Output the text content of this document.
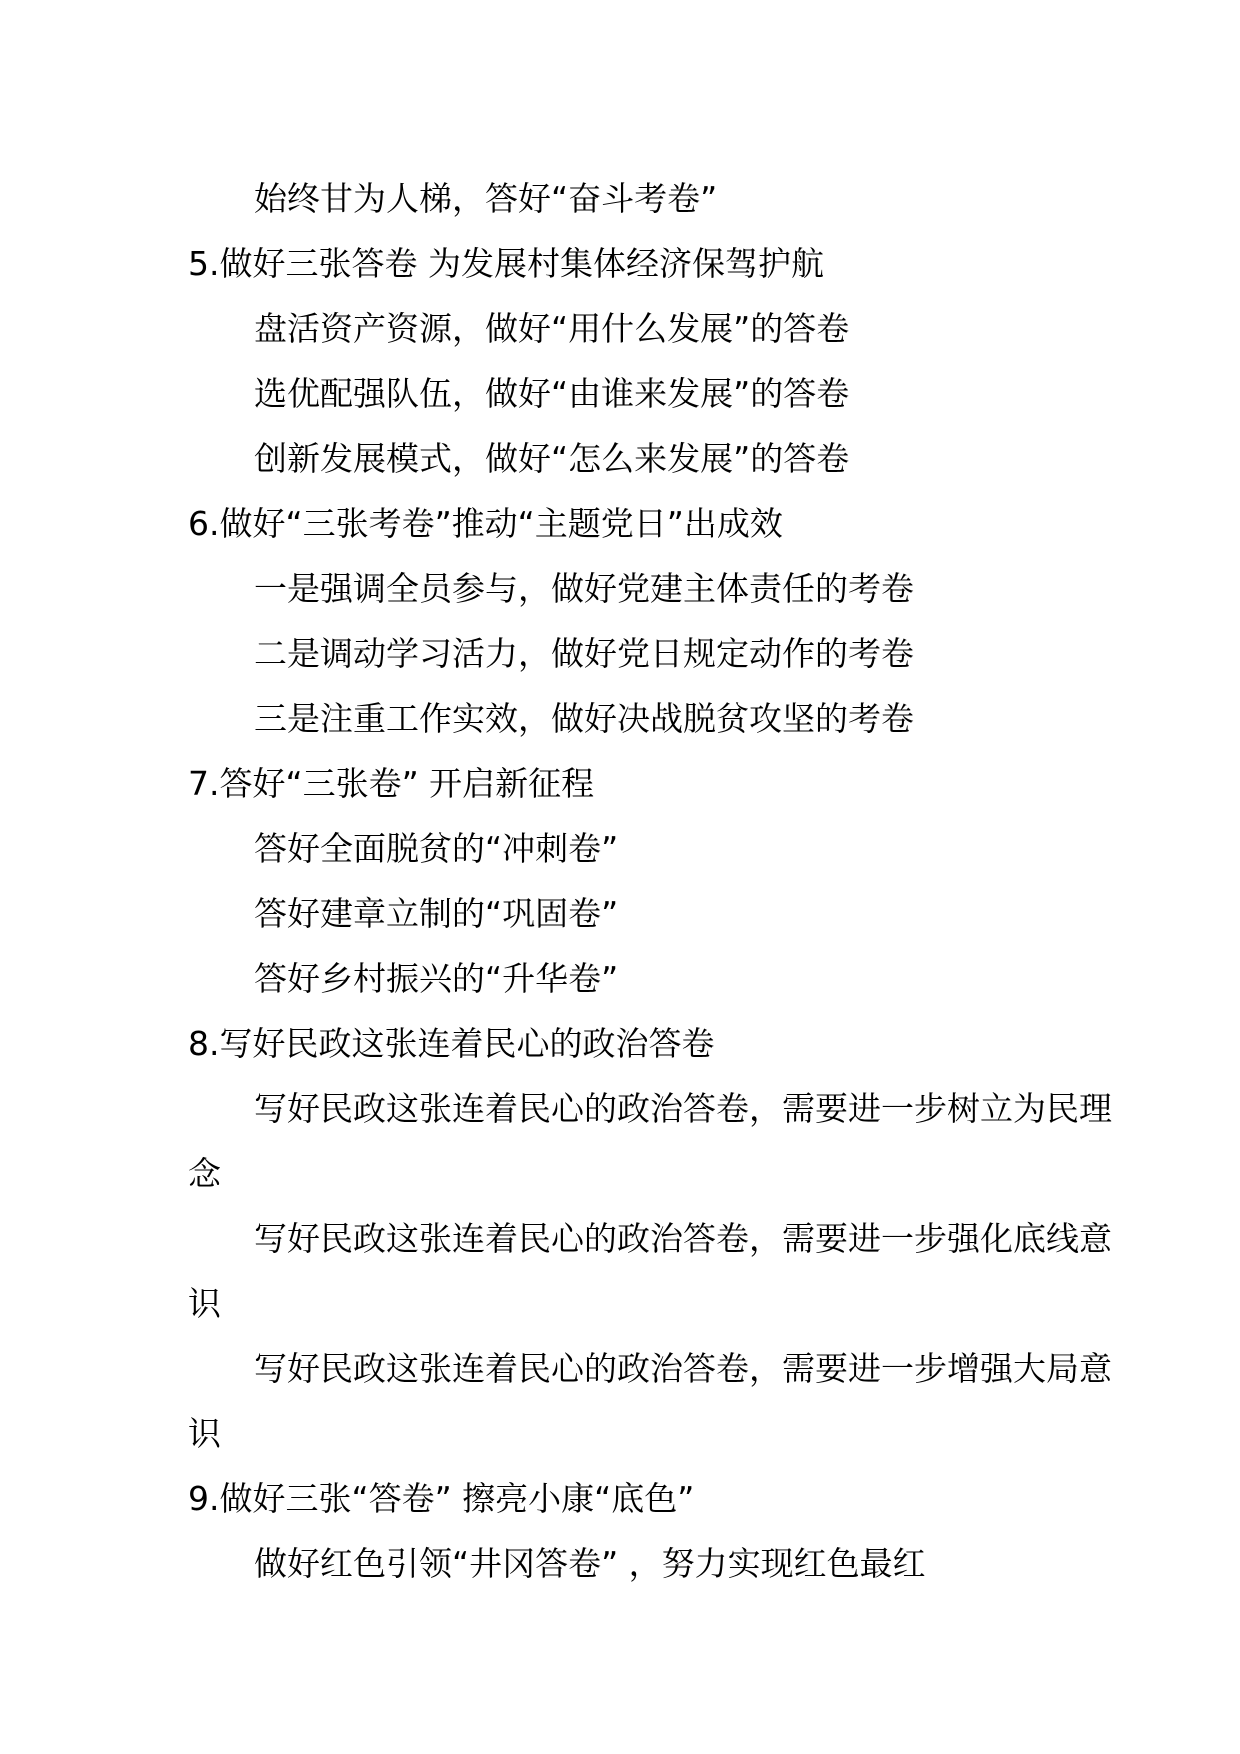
始终甘为人梯，答好“奋斗考卷”
5.做好三张答卷 为发展村集体经济保驾护航
盘活资产资源，做好“用什么发展”的答卷
选优配强队伍，做好“由谁来发展”的答卷
创新发展模式，做好“怎么来发展”的答卷
6.做好“三张考卷”推动“主题党日”出成效
一是强调全员参与，做好党建主体责任的考卷
二是调动学习活力，做好党日规定动作的考卷
三是注重工作实效，做好决战脱贫攻坚的考卷
7.答好“三张卷” 开启新征程
答好全面脱贫的“冲刺卷”
答好建章立制的“巩固卷”
答好乡村振兴的“升华卷”
8.写好民政这张连着民心的政治答卷
写好民政这张连着民心的政治答卷，需要进一步树立为民理
念
写好民政这张连着民心的政治答卷，需要进一步强化底线意
识
写好民政这张连着民心的政治答卷，需要进一步增强大局意
识
9.做好三张“答卷” 擦亮小康“底色”
做好红色引领“井冈答卷” ，努力实现红色最红
